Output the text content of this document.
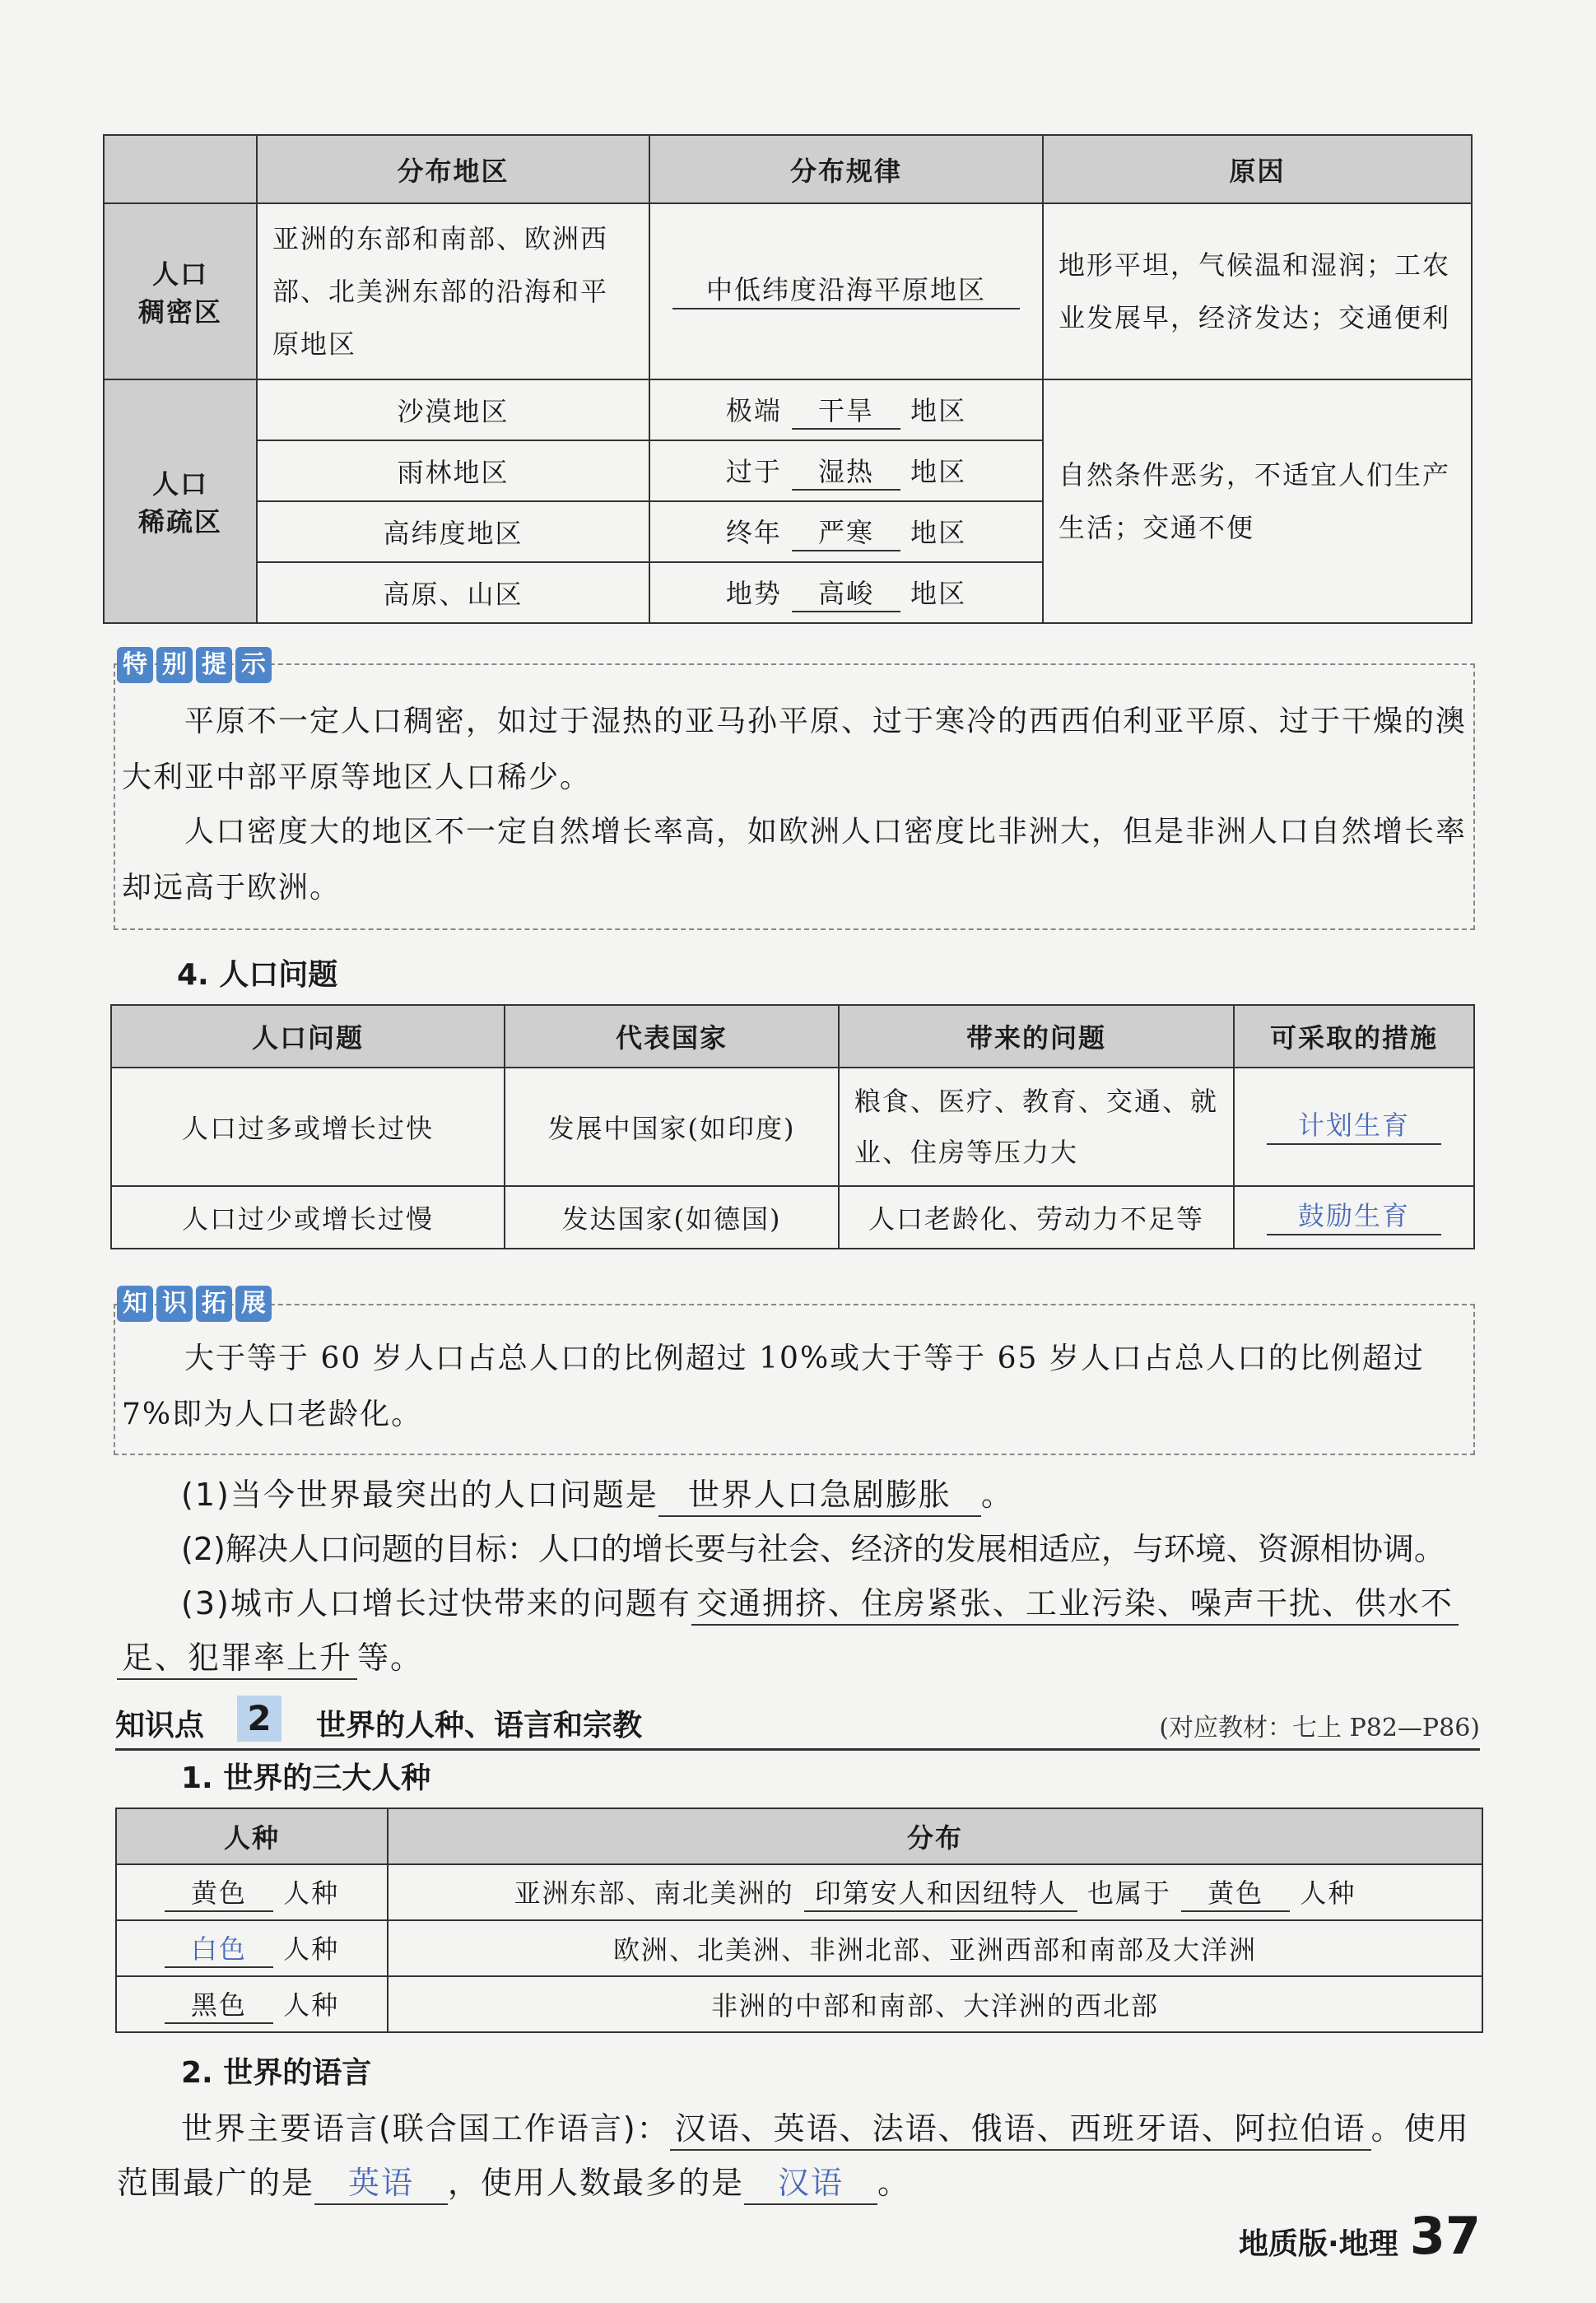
	分布地区	分布规律	原因

人口
稠密区	亚洲的东部和南部、欧洲西部、北美洲东部的沿海和平原地区	中低纬度沿海平原地区	地形平坦，气候温和湿润；工农业发展早，经济发达；交通便利

人口
稀疏区	沙漠地区	极端 干旱 地区	自然条件恶劣，不适宜人们生产生活；交通不便
	雨林地区	过于 湿热 地区	
	高纬度地区	终年 严寒 地区	
	高原、山区	地势 高峻 地区	
特 别 提 示
平原不一定人口稠密，如过于湿热的亚马孙平原、过于寒冷的西西伯利亚平原、过于干燥的澳大利亚中部平原等地区人口稀少。
人口密度大的地区不一定自然增长率高，如欧洲人口密度比非洲大，但是非洲人口自然增长率却远高于欧洲。
4. 人口问题
人口问题	代表国家	带来的问题	可采取的措施
人口过多或增长过快	发展中国家(如印度)	粮食、医疗、教育、交通、就业、住房等压力大	计划生育
人口过少或增长过慢	发达国家(如德国)	人口老龄化、劳动力不足等	鼓励生育
知 识 拓 展
大于等于 60 岁人口占总人口的比例超过 10%或大于等于 65 岁人口占总人口的比例超过7%即为人口老龄化。
(1)当今世界最突出的人口问题是 世界人口急剧膨胀 。
(2)解决人口问题的目标：人口的增长要与社会、经济的发展相适应，与环境、资源相协调。
(3)城市人口增长过快带来的问题有 交通拥挤、住房紧张、工业污染、噪声干扰、供水不
足、犯罪率上升 等。
知识点 2	世界的人种、语言和宗教	(对应教材：七上 P82—P86)
1. 世界的三大人种
人种	分布
黄色 人种	亚洲东部、南北美洲的 印第安人和因纽特人 也属于 黄色 人种
白色 人种	欧洲、北美洲、非洲北部、亚洲西部和南部及大洋洲
黑色 人种	非洲的中部和南部、大洋洲的西北部
2. 世界的语言
世界主要语言(联合国工作语言)： 汉语、英语、法语、俄语、西班牙语、阿拉伯语 。使用
范围最广的是 英语 ，使用人数最多的是 汉语 。
地质版·地理 37
